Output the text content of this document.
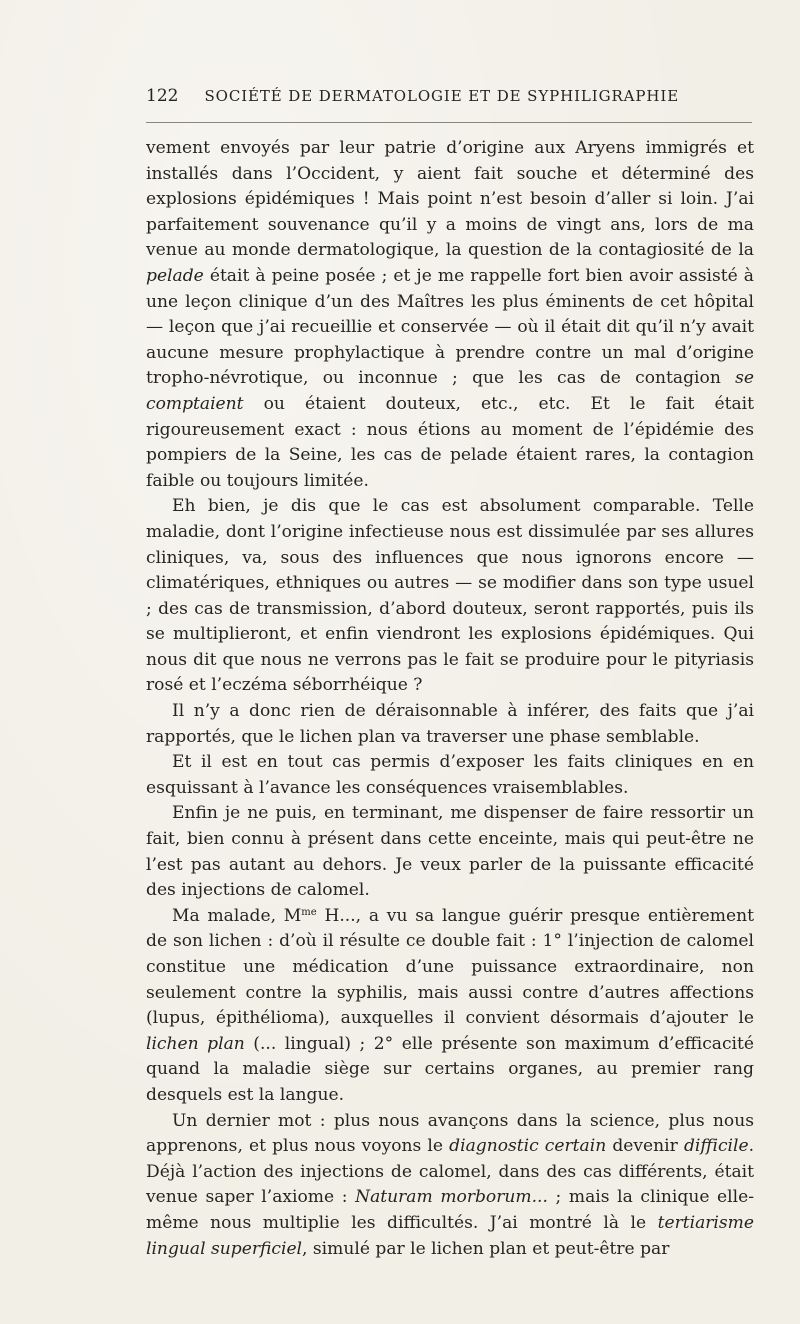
122 SOCIÉTÉ DE DERMATOLOGIE ET DE SYPHILIGRAPHIE

vement envoyés par leur patrie d’origine aux Aryens immigrés et installés dans l’Occident, y aient fait souche et déterminé des explosions épidémiques ! Mais point n’est besoin d’aller si loin. J’ai parfaitement souvenance qu’il y a moins de vingt ans, lors de ma venue au monde dermatologique, la question de la contagiosité de la pelade était à peine posée ; et je me rappelle fort bien avoir assisté à une leçon clinique d’un des Maîtres les plus éminents de cet hôpital — leçon que j’ai recueillie et conservée — où il était dit qu’il n’y avait aucune mesure prophylactique à prendre contre un mal d’origine tropho-névrotique, ou inconnue ; que les cas de contagion se comptaient ou étaient douteux, etc., etc. Et le fait était rigoureusement exact : nous étions au moment de l’épidémie des pompiers de la Seine, les cas de pelade étaient rares, la contagion faible ou toujours limitée.

Eh bien, je dis que le cas est absolument comparable. Telle maladie, dont l’origine infectieuse nous est dissimulée par ses allures cliniques, va, sous des influences que nous ignorons encore — climatériques, ethniques ou autres — se modifier dans son type usuel ; des cas de transmission, d’abord douteux, seront rapportés, puis ils se multiplieront, et enfin viendront les explosions épidémiques. Qui nous dit que nous ne verrons pas le fait se produire pour le pityriasis rosé et l’eczéma séborrhéique ?

Il n’y a donc rien de déraisonnable à inférer, des faits que j’ai rapportés, que le lichen plan va traverser une phase semblable.

Et il est en tout cas permis d’exposer les faits cliniques en en esquissant à l’avance les conséquences vraisemblables.

Enfin je ne puis, en terminant, me dispenser de faire ressortir un fait, bien connu à présent dans cette enceinte, mais qui peut-être ne l’est pas autant au dehors. Je veux parler de la puissante efficacité des injections de calomel.

Ma malade, $M^{me}$ H..., a vu sa langue guérir presque entièrement de son lichen : d’où il résulte ce double fait : 1° l’injection de calomel constitue une médication d’une puissance extraordinaire, non seulement contre la syphilis, mais aussi contre d’autres affections (lupus, épithélioma), auxquelles il convient désormais d’ajouter le lichen plan (... lingual) ; 2° elle présente son maximum d’efficacité quand la maladie siège sur certains organes, au premier rang desquels est la langue.

Un dernier mot : plus nous avançons dans la science, plus nous apprenons, et plus nous voyons le diagnostic certain devenir difficile. Déjà l’action des injections de calomel, dans des cas différents, était venue saper l’axiome : Naturam morborum... ; mais la clinique elle-même nous multiplie les difficultés. J’ai montré là le tertiarisme lingual superficiel, simulé par le lichen plan et peut-être par
